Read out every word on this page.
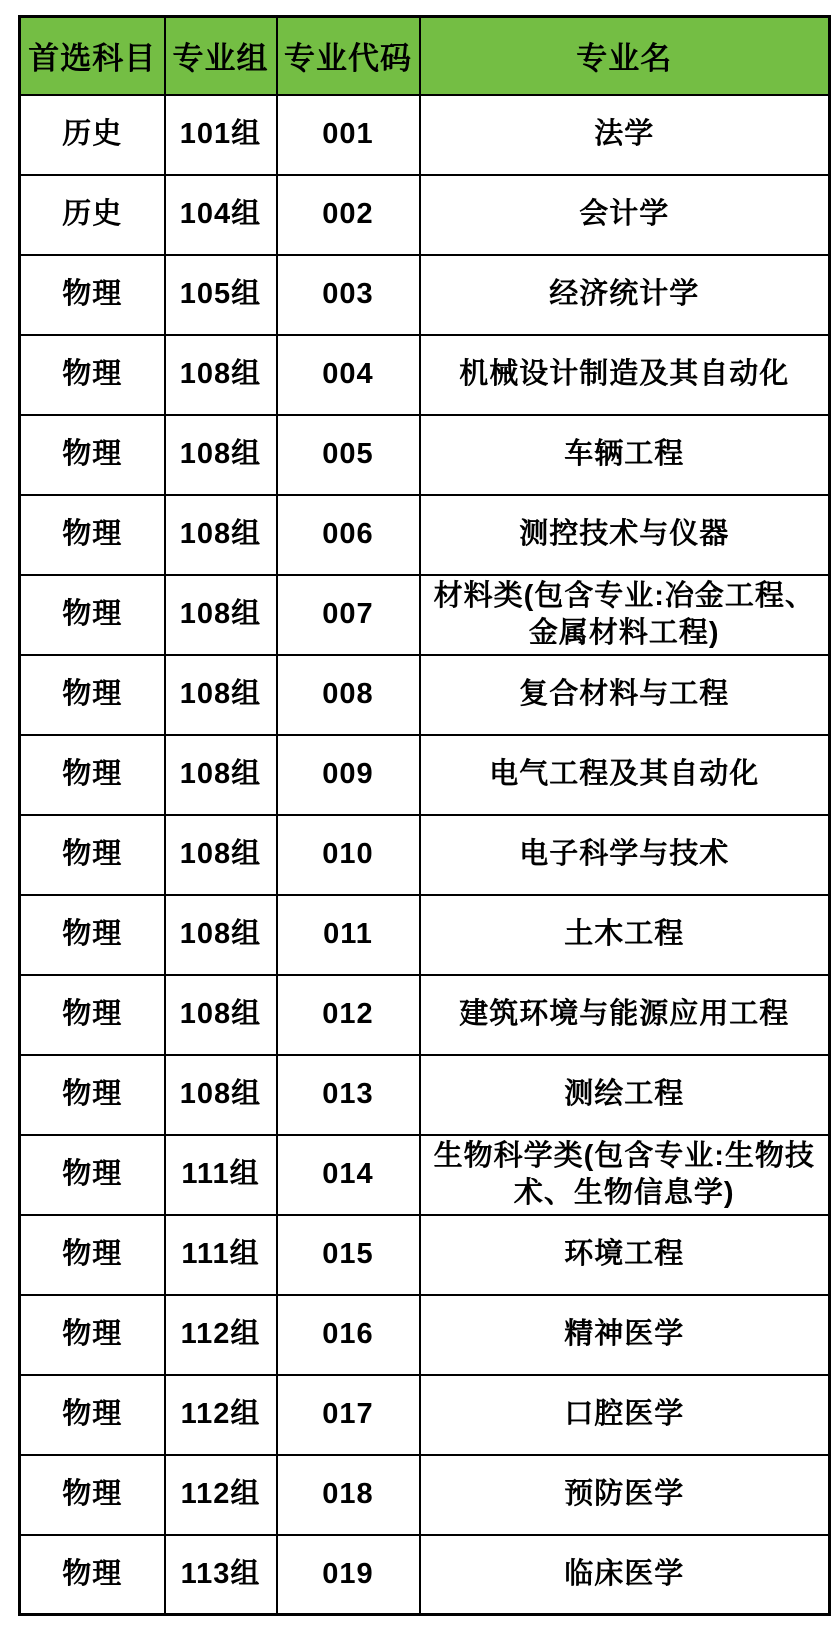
首选科目	专业组	专业代码	专业名
历史	101组	001	法学
历史	104组	002	会计学
物理	105组	003	经济统计学
物理	108组	004	机械设计制造及其自动化
物理	108组	005	车辆工程
物理	108组	006	测控技术与仪器
物理	108组	007	材料类(包含专业:冶金工程、金属材料工程)
物理	108组	008	复合材料与工程
物理	108组	009	电气工程及其自动化
物理	108组	010	电子科学与技术
物理	108组	011	土木工程
物理	108组	012	建筑环境与能源应用工程
物理	108组	013	测绘工程
物理	111组	014	生物科学类(包含专业:生物技术、生物信息学)
物理	111组	015	环境工程
物理	112组	016	精神医学
物理	112组	017	口腔医学
物理	112组	018	预防医学
物理	113组	019	临床医学
